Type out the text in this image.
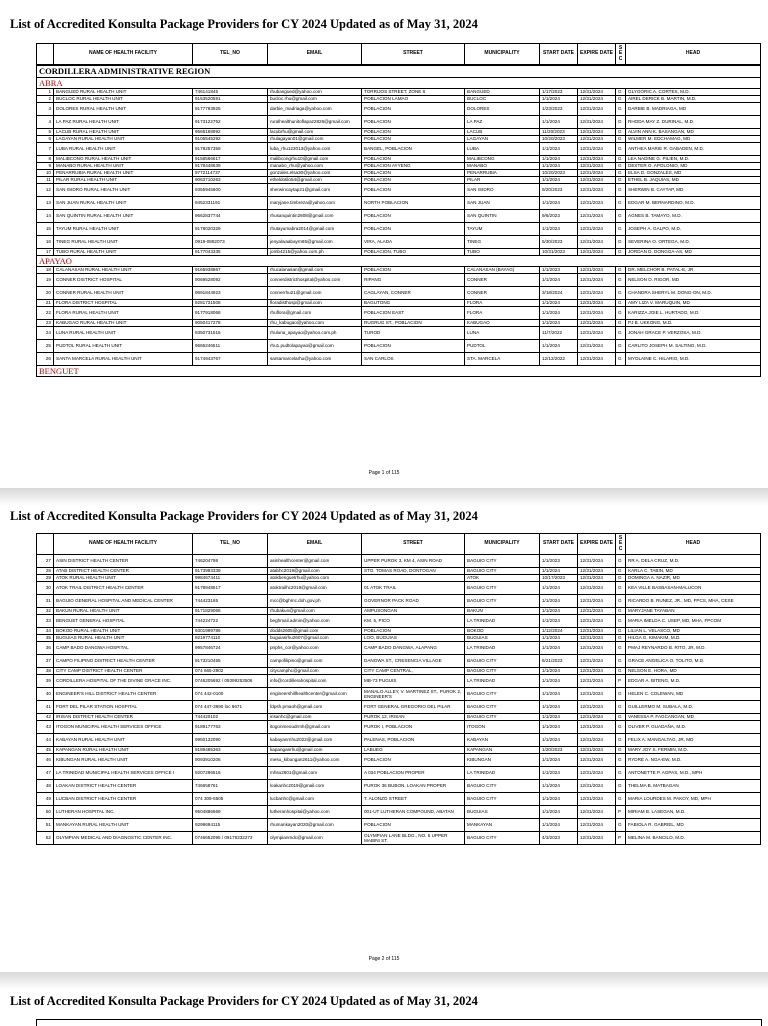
List of Accredited Konsulta Package Providers for CY 2024 Updated as of May 31, 2024
	NAME OF HEALTH FACILITY	TEL_NO	EMAIL	STREET	MUNICIPALITY	START DATE	EXPIRE DATE	SEC	HEAD
CORDILLERA ADMINISTRATIVE REGION									
ABRA									
1	BANGUED RURAL HEALTH UNIT	746141845	rhubangued@yahoo.com	TORRIJOS STREET, ZONE 6	BANGUED	1/17/2023	12/31/2024	G	GLYGORIC A. CORTES, M.D.
2	BUCLOC RURAL HEALTH UNIT	9153520591	bucloc.rhu@gmail.com	POBLACION LAMAO	BUCLOC	1/1/2024	12/31/2024	G	AIREL DERICK B. MARTIN, M.D.
3	DOLORES RURAL HEALTH UNIT	9177793925	darbie_madriaga@yahoo.com	POBLACION	DOLORES	1/23/2023	12/31/2024	G	DARBIE B. MADRIAGA, MD
4	LA PAZ RURAL HEALTH UNIT	9173122752	ruralhealthunitoflapaz2826@gmail.com	POBLACION	LA PAZ	1/1/2024	12/31/2024	G	RHODA MAY Z. DURINAL, M.D.
5	LACUB RURAL HEALTH UNIT	9568168992	lacubrhu@gmail.com	POBLACION	LACUB	11/20/2023	12/31/2024	G	ALVIN ANN K. BASANGAN, MD
6	LAGAYAN RURAL HEALTH UNIT	9106545292	rhulagayan01@gmail.com	POBLACION	LAGAYAN	10/20/2023	12/31/2024	G	WILMER M. EDCHAMAG, MD
7	LUBA RURAL HEALTH UNIT	9178257359	luba_rhu122013@yahoo.com	BANGEL, POBLACION	LUBA	1/1/2024	12/31/2024	G	ANTHEA MARIE R. GABADEN, M.D.
8	MALIBCONG RURAL HEALTH UNIT	9158566617	malibcongrhu10@gmail.com	POBLACION	MALIBCONG	1/1/2024	12/31/2024	G	LEA NADINE G. PILIEN, M.D.
9	MANABO RURAL HEALTH UNIT	9178448639	manabo_rhu@yahoo.com	POBLACION AYYENG	MANABO	1/1/2024	12/31/2024	G	DEXTER O. APOLONIO, MD
10	PENARRUBIA RURAL HEALTH UNIT	9772114737	gonzales.elsa30@yahoo.com	POBLACION	PENARRUBIA	10/20/2023	12/31/2024	G	ELSA D. GONZALES, MD
11	PILAR RURAL HEALTH UNIT	9063710263	etheldotilo54@gmail.com	POBLACION	PILAR	1/1/2024	12/31/2024	G	ETHEL B. JAQUIAS, MD
12	SAN ISIDRO RURAL HEALTH UNIT	9355945600	sherwincaytap21@gmail.com	POBLACION	SAN ISIDRO	9/20/2023	12/31/2024	G	SHERWIN B. CAYTAP, MD
13	SAN JUAN RURAL HEALTH UNIT	9452331191	maryjane.timbreza@yahoo.com	NORTH POBLACION	SAN JUAN	1/1/2024	12/31/2024	G	EDGAR M. BERNARDINO, M.D.
14	SAN QUINTIN RURAL HEALTH UNIT	9662837744	rhusanquintin2808@gmail.com	POBLACION	SAN QUINTIN	9/6/2023	12/31/2024	G	AGNES B. TAMAYO, M.D.
15	TAYUM RURAL HEALTH UNIT	9178020329	rhutayumabra2014@gmail.com	POBLACION	TAYUM	1/1/2024	12/31/2024	G	JOSEPH A. GALPO, M.D.
16	TINEG RURAL HEALTH UNIT	0919-0882073	jenyalwaabayrn65@gmail.com	VIRA, ALADA	TINEG	5/30/2023	12/31/2024	G	SEVERINA O. ORTEGA, M.D.
17	TUBO RURAL HEALTH UNIT	9177043335	jomb4215@yahoo.com.ph	POBLACION, TUBO	TUBO	10/31/2023	12/31/2024	G	JORDAN D. DONGGA-AS, MD
APAYAO									
18	CALANASAN RURAL HEALTH UNIT	9165938867	rhucalanasan@gmail.com	POBLACION	CALANASAN (BAYAG)	1/1/2023	12/31/2024	G	DR. MELCHOR B. PATAL-E, JR
19	CONNER DISTRICT HOSPITAL	9069528092	connerdistricthospital@yahoo.com	RIPANG	CONNER	1/1/2024	12/31/2024	G	NELSON O. RIGOR, MD
20	CONNER RURAL HEALTH UNIT	9691844923	connerrhu21@gmail.com	CAGLAYAN, CONNER	CONNER	3/18/2024	12/31/2024	G	CHANDRA SHERYL M. DONG-ON, M.D.
21	FLORA DISTRICT HOSPITAL	9281731508	floradisthosp@gmail.com	BAGUTONG	FLORA	1/1/2024	12/31/2024	G	AMY LIZA V. MARUQUIN, MD
22	FLORA RURAL HEALTH UNIT	9177918068	rhuflora@gmail.com	POBLACION EAST	FLORA	1/1/2024	12/31/2024	G	KARIZZA JOIE L. HURTADO, M.D.
23	KABUGAO RURAL HEALTH UNIT	9050417278	rhu_kabugao@yahoo.com	RUGRUG ST., POBLACION	KABUGAO	1/1/2024	12/31/2024	G	PJ B. UKKONG, M.D.
24	LUNA RURAL HEALTH UNIT	9350731515	rhuluna_apayao@yahoo.com.ph	TUROD	LUNA	11/7/2022	12/31/2024	G	JONAH GRACE P. VERZOSA, M.D.
25	PUDTOL RURAL HEALTH UNIT	9666246511	rhu1.pudtolapayao@gmail.com	POBLACION	PUDTOL	1/1/2024	12/31/2024	G	CARLITO JOSEPH M. SALTING, M.D.
26	SANTA MARCELA RURAL HEALTH UNIT	9174943767	santamarcelarhu@yahoo.com	SAN CARLOS	STA. MARCELA	12/12/2022	12/31/2024	G	MYOLAINE C. HILARIO, M.D.
BENGUET									
Page 1 of 115
List of Accredited Konsulta Package Providers for CY 2024 Updated as of May 31, 2024
	NAME OF HEALTH FACILITY	TEL_NO	EMAIL	STREET	MUNICIPALITY	START DATE	EXPIRE DATE	SEC	HEAD
27	ASIN DISTRICT HEALTH CENTER	746204798	asinhealthcenter@gmail.com	UPPER PUROK 3, KM 4, ASIN ROAD	BAGUIO CITY	1/1/2023	12/31/2024	G	RR A. DELA CRUZ, M.D.
28	ATAB DISTRICT HEALTH CENTER	9173993339	atabhc2019@gmail.com	STO. TOMAS ROAD, DONTOGAN	BAGUIO CITY	1/1/2024	12/31/2024	G	KARLA C. TABIN, MD
29	ATOK RURAL HEALTH UNIT	9984674411	atokbenguetrhu@yahoo.com		ATOK	10/17/2023	12/31/2024	G	DOMINGA A. NAZIR, MD
30	ATOK TRAIL DISTRICT HEALTH CENTER	9178948517	atoktrailhc2019@gmail.com	01 ATOK TRAIL	BAGUIO CITY	1/1/2024	12/31/2024	G	KEA VILLE BASBASAN-MALUCON
31	BAGUIO GENERAL HOSPITAL AND MEDICAL CENTER	744423165	mcc@bghmc.doh.gov.ph	GOVERNOR PACK ROAD	BAGUIO CITY	1/1/2024	12/31/2024	G	RICARDO B. RUNEZ, JR., MD, FPCS, MHA, CESE
32	BAKUN RURAL HEALTH UNIT	9171829066	rhubakun@gmail.com	AMPUSONGAN	BAKUN	1/1/2024	12/31/2024	G	MARYJANE TAYABAN
33	BENGUET GENERAL HOSPITAL	744224722	beghmail.admin@yahoo.com	KM. 5, PICO	LA TRINIDAD	1/1/2024	12/31/2024	G	MARIA IMELDA C. USEP, MD, MHA, FPCOM
34	BOKOD RURAL HEALTH UNIT	9301999786	dodds2605@gmail.com	POBLACION	BOKOD	1/12/2024	12/31/2024	G	LILIAN L. VELASCO, MD
35	BUGUIAS RURAL HEALTH UNIT	9219774110	buguiasrhu2607@gmail.com	LOO, BUGUIAS	BUGUIAS	1/1/2024	12/31/2024	G	HILGA G. KIMAKIM, M.D.
36	CAMP BADO DANGWA HOSPITAL	9957846724	pnphs_cor@yahoo.com	CAMP BADO DANGWA, ALAPANG	LA TRINIDAD	1/1/2024	12/31/2024	G	PMAJ REYNARDO B. RITO, JR, M.D.
37	CAMPO FILIPINO DISTRICT HEALTH CENTER	9173210455	campofilipino@gmail.com	DANGWA ST., CRESENCIA VILLAGE	BAGUIO CITY	6/21/2023	12/31/2024	G	GRACE ANGELICA O. TOLITO, M.D.
38	CITY CAMP DISTRICT HEALTH CENTER	074 665-2902	citycamphc@gmail.com	CITY CAMP CENTRAL,	BAGUIO CITY	1/1/2024	12/31/2024	G	NELSON E. HORA, MD
39	CORDILLERA HOSPITAL OF THE DIVINE GRACE INC.	0746205692 / 09399253506	info@cordillerahospital.com	MB-73 PUGUIS	LA TRINIDAD	1/1/2024	12/31/2024	P	EDGAR A. BITENG, M.D.
40	ENGINEER'S HILL DISTRICT HEALTH CENTER	074 442-0100	engineershillhealthcenter@gmail.com	MANALO ALLEY, V. MARTINEZ ST., PUROK 2, ENGINEER'S	BAGUIO CITY	1/1/2024	12/31/2024	G	HELEN C. COLEWAN, MD
41	FORT DEL PILAR STATION HOSPITAL	074 447-3690 loc 6671	fdpsh.pmaoh@gmail.com	FORT GENERAL GREGORIO DEL PILAR	BAGUIO CITY	1/1/2024	12/31/2024	G	GUILLERMO M. SUBALA, M.D.
42	IRISAN DISTRICT HEALTH CENTER	744420102	irisanhc@gmail.com	PUROK 12, IRISAN	BAGUIO CITY	1/1/2024	12/31/2024	G	VANESSA P. FAGCANGAN, MD
43	ITOGON MUNICIPAL HEALTH SERVICES OFFICE	9189177763	itogonmeoudrmh@gmail.com	PUROK I, POBLACION	ITOGON	1/1/2024	12/31/2024	G	OLIVER P. GUADAÑA, M.D.
44	KABAYAN RURAL HEALTH UNIT	9950132090	kabayanrnhu2022@gmail.com	PALENAS, POBLACION	KABAYAN	1/1/2024	12/31/2024	G	FELIX A. MANGALTAG, JR, MD
45	KAPANGAN RURAL HEALTH UNIT	9189485363	kapanganrhu@gmail.com	LABUEG	KAPANGAN	1/20/2023	12/31/2024	G	MARY JOY S. FERMIN, M.D.
46	KIBUNGAN RURAL HEALTH UNIT	9093910206	mesu_kibungan2611@yahoo.com	POBLACION	KIBUNGAN	1/1/2024	12/31/2024	G	RYDRE A. NGA-EW, M.D.
47	LA TRINIDAD MUNICIPAL HEALTH SERVICES OFFICE I	9207296516	mhso2601@gmail.com	A 034 POBLACION PROPER	LA TRINIDAD	1/1/2024	12/31/2024	G	ANTONETTE P. AGPAS, M.D., MPH
48	LOAKAN DISTRICT HEALTH CENTER	746658761	loakanhc2019@gmail.com	PUROK 36 BUBON, LOAKAN PROPER	BAGUIO CITY	1/1/2024	12/31/2024	G	THELMA B. MATBAGAN
49	LUCBAN DISTRICT HEALTH CENTER	074 309-6505	lucbanhc@gmail.com	T. ALONZO STREET	BAGUIO CITY	1/1/2024	12/31/2024	G	MARIA LOURDES M. PAKOY, MD, MPH
50	LUTHERAN HOSPITAL INC.	9504886669	lutheranhospital@yahoo.com	001-UT LUTHERAN COMPOUND, ABATAN	BUGUIAS	1/1/2024	12/31/2024	P	MIRIAM B. LASEGAN, M.D.
51	MANKAYAN RURAL HEALTH UNIT	9299694115	rhumankayan2020@gmail.com	POBLACION	MANKAYAN	1/1/2024	12/31/2024	G	FABIOLA R. GABRIEL, MD
52	OLYMPIAN MEDICAL AND DIAGNOSTIC CENTER INC.	0746652095 / 09178332273	olympianmdc@gmail.com	OLYMPIAN LANE BLDG., NO. 5 UPPER MABINI ST.	BAGUIO CITY	4/3/2023	12/31/2024	P	MELINA M. BANCILO, M.D.
Page 2 of 115
List of Accredited Konsulta Package Providers for CY 2024 Updated as of May 31, 2024
